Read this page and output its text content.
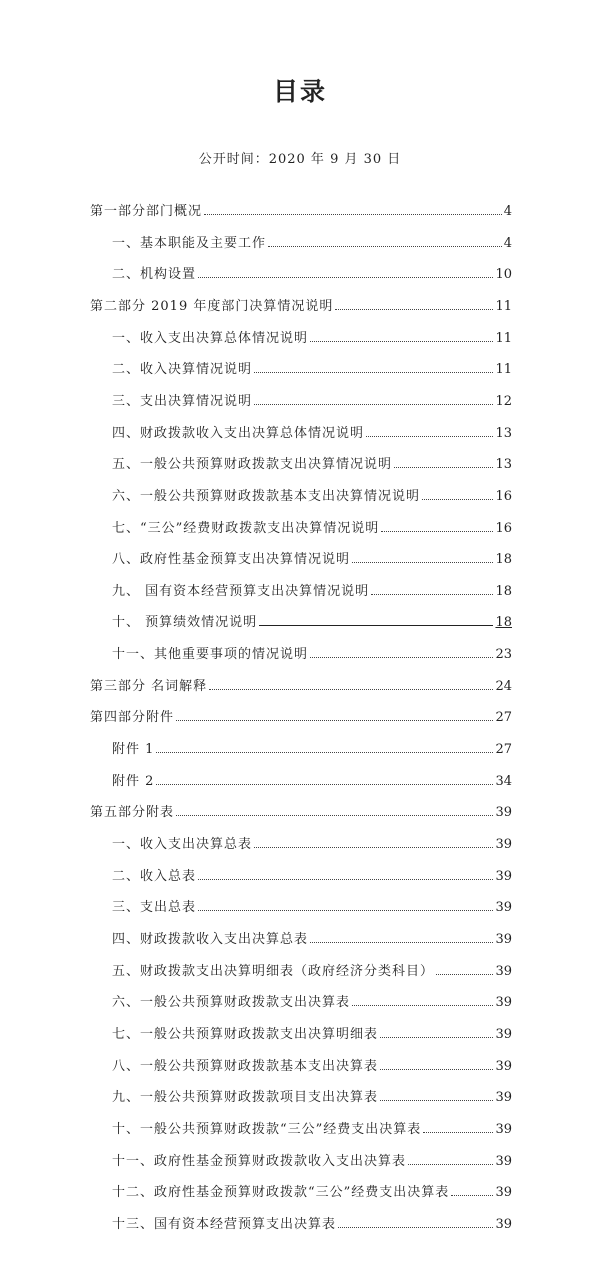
目录
公开时间：2020 年 9 月 30 日
第一部分部门概况	4
一、基本职能及主要工作	4
二、机构设置	10
第二部分 2019 年度部门决算情况说明	11
一、收入支出决算总体情况说明	11
二、收入决算情况说明	11
三、支出决算情况说明	12
四、财政拨款收入支出决算总体情况说明	13
五、一般公共预算财政拨款支出决算情况说明	13
六、一般公共预算财政拨款基本支出决算情况说明	16
七、“三公”经费财政拨款支出决算情况说明	16
八、政府性基金预算支出决算情况说明	18
九、 国有资本经营预算支出决算情况说明	18
十、 预算绩效情况说明	18
十一、其他重要事项的情况说明	23
第三部分 名词解释	24
第四部分附件	27
附件 1	27
附件 2	34
第五部分附表	39
一、收入支出决算总表	39
二、收入总表	39
三、支出总表	39
四、财政拨款收入支出决算总表	39
五、财政拨款支出决算明细表（政府经济分类科目）	39
六、一般公共预算财政拨款支出决算表	39
七、一般公共预算财政拨款支出决算明细表	39
八、一般公共预算财政拨款基本支出决算表	39
九、一般公共预算财政拨款项目支出决算表	39
十、一般公共预算财政拨款“三公”经费支出决算表	39
十一、政府性基金预算财政拨款收入支出决算表	39
十二、政府性基金预算财政拨款“三公”经费支出决算表	39
十三、国有资本经营预算支出决算表	39
